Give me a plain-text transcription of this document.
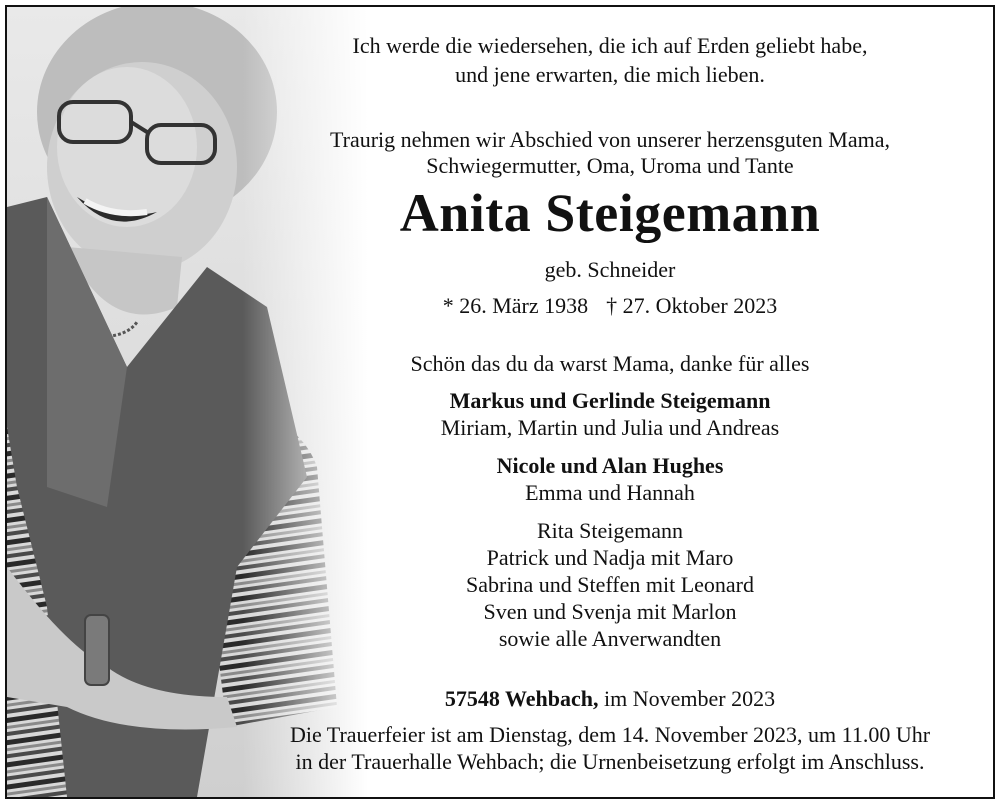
Ich werde die wiedersehen, die ich auf Erden geliebt habe,
und jene erwarten, die mich lieben.
Traurig nehmen wir Abschied von unserer herzensguten Mama,
Schwiegermutter, Oma, Uroma und Tante
Anita Steigemann
geb. Schneider
* 26. März 1938 † 27. Oktober 2023
Schön das du da warst Mama, danke für alles
Markus und Gerlinde Steigemann
Miriam, Martin und Julia und Andreas
Nicole und Alan Hughes
Emma und Hannah
Rita Steigemann
Patrick und Nadja mit Maro
Sabrina und Steffen mit Leonard
Sven und Svenja mit Marlon
sowie alle Anverwandten
57548 Wehbach, im November 2023
Die Trauerfeier ist am Dienstag, dem 14. November 2023, um 11.00 Uhr
in der Trauerhalle Wehbach; die Urnenbeisetzung erfolgt im Anschluss.
